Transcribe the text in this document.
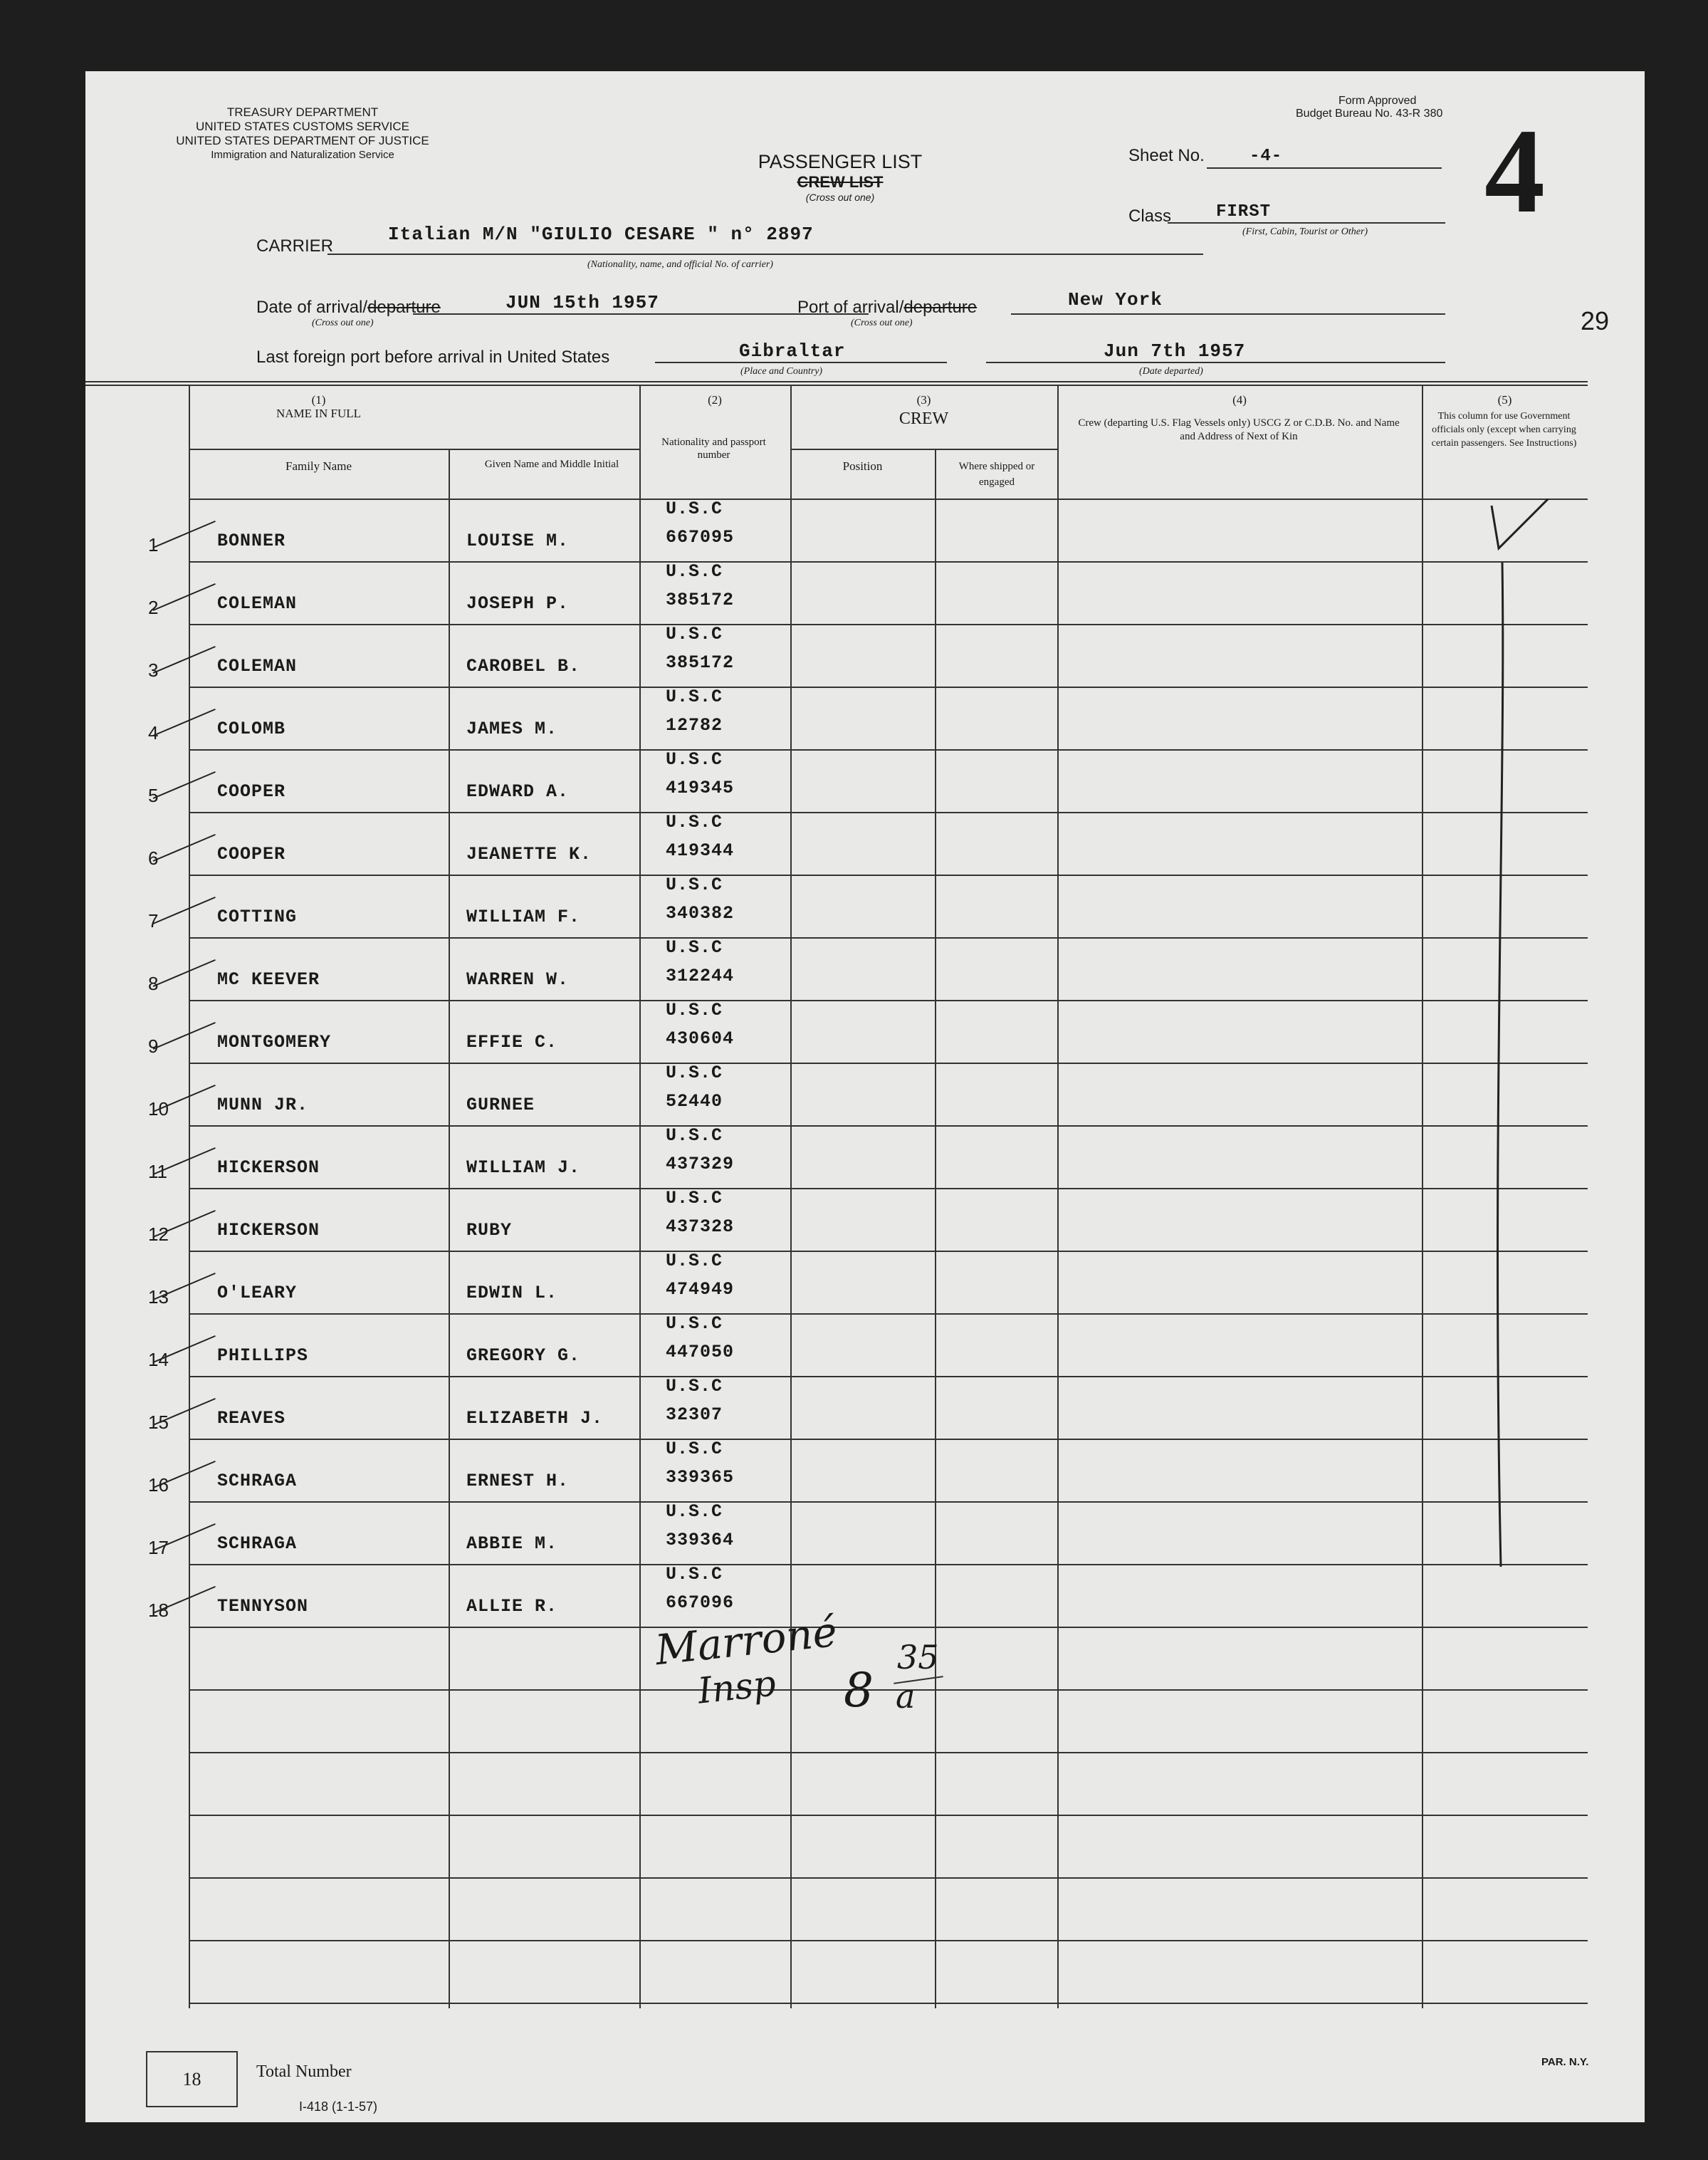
TREASURY DEPARTMENT
UNITED STATES CUSTOMS SERVICE
UNITED STATES DEPARTMENT OF JUSTICE
Immigration and Naturalization Service
Form Approved
Budget Bureau No. 43-R 380
PASSENGER LIST
CREW LIST
(Cross out one)
Sheet No.	-4- 4
Class	FIRST
(First, Cabin, Tourist or Other)
29
CARRIER
Italian M/N "GIULIO CESARE " n° 2897
(Nationality, name, and official No. of carrier)
Date of arrival/departure	JUN 15th 1957
(Cross out one)
Port of arrival/departure	New York
(Cross out one)
Last foreign port before arrival in United States	Gibraltar
(Place and Country)
Jun 7th 1957
(Date departed)
(1)
NAME IN FULL
Family Name	Given Name and Middle Initial
(2)
Nationality and passport number
(3)
CREW
Position	Where shipped or engaged
(4)
Crew (departing U.S. Flag Vessels only) USCG Z or C.D.B. No. and Name and Address of Next of Kin
(5)
This column for use Government officials only (except when carrying certain passengers. See Instructions)
1	BONNER	LOUISE M.
U.S.C
667095
2	COLEMAN	JOSEPH P.
U.S.C
385172
3	COLEMAN	CAROBEL B.
U.S.C
385172
4	COLOMB	JAMES M.
U.S.C
12782
5	COOPER	EDWARD A.
U.S.C
419345
6	COOPER	JEANETTE K.
U.S.C
419344
7	COTTING	WILLIAM F.
U.S.C
340382
8	MC KEEVER	WARREN W.
U.S.C
312244
9	MONTGOMERY	EFFIE C.
U.S.C
430604
10	MUNN JR.	GURNEE
U.S.C
52440
11	HICKERSON	WILLIAM J.
U.S.C
437329
12	HICKERSON	RUBY
U.S.C
437328
13	O'LEARY	EDWIN L.
U.S.C
474949
14	PHILLIPS	GREGORY G.
U.S.C
447050
15	REAVES	ELIZABETH J.
U.S.C
32307
16	SCHRAGA	ERNEST H.
U.S.C
339365
17	SCHRAGA	ABBIE M.
U.S.C
339364
18	TENNYSON	ALLIE R.
U.S.C
667096
Marroné
Insp 8
35
a
18	Total Number
I-418 (1-1-57)
PAR. N.Y.
